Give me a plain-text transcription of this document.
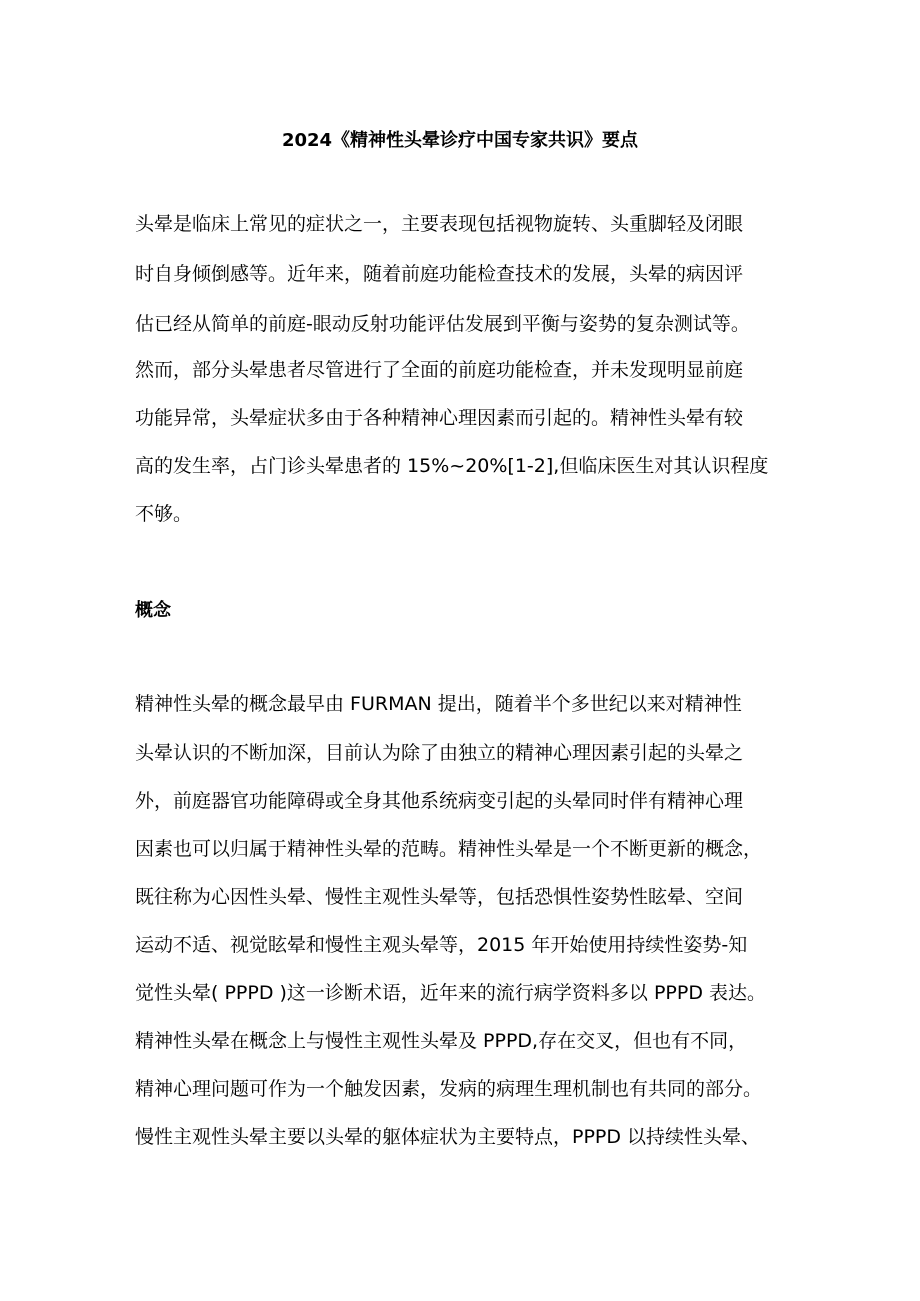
2024《精神性头晕诊疗中国专家共识》要点
头晕是临床上常见的症状之一，主要表现包括视物旋转、头重脚轻及闭眼
时自身倾倒感等。近年来，随着前庭功能检查技术的发展，头晕的病因评
估已经从简单的前庭-眼动反射功能评估发展到平衡与姿势的复杂测试等。
然而，部分头晕患者尽管进行了全面的前庭功能检查，并未发现明显前庭
功能异常，头晕症状多由于各种精神心理因素而引起的。精神性头晕有较
高的发生率，占门诊头晕患者的 15%~20%[1-2],但临床医生对其认识程度
不够。
概念
精神性头晕的概念最早由 FURMAN 提出，随着半个多世纪以来对精神性
头晕认识的不断加深，目前认为除了由独立的精神心理因素引起的头晕之
外，前庭器官功能障碍或全身其他系统病变引起的头晕同时伴有精神心理
因素也可以归属于精神性头晕的范畴。精神性头晕是一个不断更新的概念，
既往称为心因性头晕、慢性主观性头晕等，包括恐惧性姿势性眩晕、空间
运动不适、视觉眩晕和慢性主观头晕等，2015 年开始使用持续性姿势-知
觉性头晕( PPPD )这一诊断术语，近年来的流行病学资料多以 PPPD 表达。
精神性头晕在概念上与慢性主观性头晕及 PPPD,存在交叉，但也有不同，
精神心理问题可作为一个触发因素，发病的病理生理机制也有共同的部分。
慢性主观性头晕主要以头晕的躯体症状为主要特点，PPPD 以持续性头晕、
